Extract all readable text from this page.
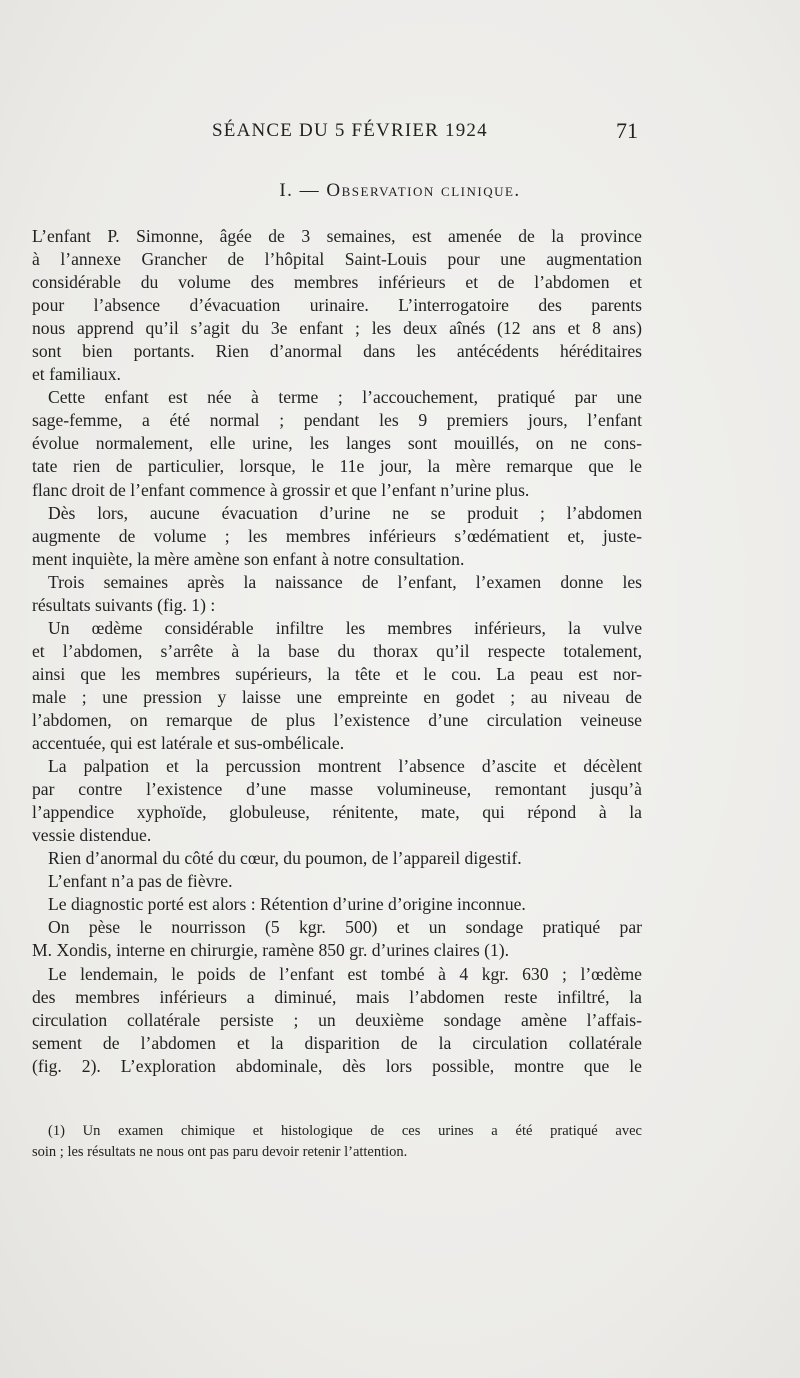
SÉANCE DU 5 FÉVRIER 1924	71
I. — Observation clinique.
L’enfant P. Simonne, âgée de 3 semaines, est amenée de la province
à l’annexe Grancher de l’hôpital Saint-Louis pour une augmentation
considérable du volume des membres inférieurs et de l’abdomen et
pour l’absence d’évacuation urinaire. L’interrogatoire des parents
nous apprend qu’il s’agit du 3e enfant ; les deux aînés (12 ans et 8 ans)
sont bien portants. Rien d’anormal dans les antécédents héréditaires
et familiaux.
Cette enfant est née à terme ; l’accouchement, pratiqué par une
sage-femme, a été normal ; pendant les 9 premiers jours, l’enfant
évolue normalement, elle urine, les langes sont mouillés, on ne cons-
tate rien de particulier, lorsque, le 11e jour, la mère remarque que le
flanc droit de l’enfant commence à grossir et que l’enfant n’urine plus.
Dès lors, aucune évacuation d’urine ne se produit ; l’abdomen
augmente de volume ; les membres inférieurs s’œdématient et, juste-
ment inquiète, la mère amène son enfant à notre consultation.
Trois semaines après la naissance de l’enfant, l’examen donne les
résultats suivants (fig. 1) :
Un œdème considérable infiltre les membres inférieurs, la vulve
et l’abdomen, s’arrête à la base du thorax qu’il respecte totalement,
ainsi que les membres supérieurs, la tête et le cou. La peau est nor-
male ; une pression y laisse une empreinte en godet ; au niveau de
l’abdomen, on remarque de plus l’existence d’une circulation veineuse
accentuée, qui est latérale et sus-ombélicale.
La palpation et la percussion montrent l’absence d’ascite et décèlent
par contre l’existence d’une masse volumineuse, remontant jusqu’à
l’appendice xyphoïde, globuleuse, rénitente, mate, qui répond à la
vessie distendue.
Rien d’anormal du côté du cœur, du poumon, de l’appareil digestif.
L’enfant n’a pas de fièvre.
Le diagnostic porté est alors : Rétention d’urine d’origine inconnue.
On pèse le nourrisson (5 kgr. 500) et un sondage pratiqué par
M. Xondis, interne en chirurgie, ramène 850 gr. d’urines claires (1).
Le lendemain, le poids de l’enfant est tombé à 4 kgr. 630 ; l’œdème
des membres inférieurs a diminué, mais l’abdomen reste infiltré, la
circulation collatérale persiste ; un deuxième sondage amène l’affais-
sement de l’abdomen et la disparition de la circulation collatérale
(fig. 2). L’exploration abdominale, dès lors possible, montre que le
(1) Un examen chimique et histologique de ces urines a été pratiqué avec
soin ; les résultats ne nous ont pas paru devoir retenir l’attention.
